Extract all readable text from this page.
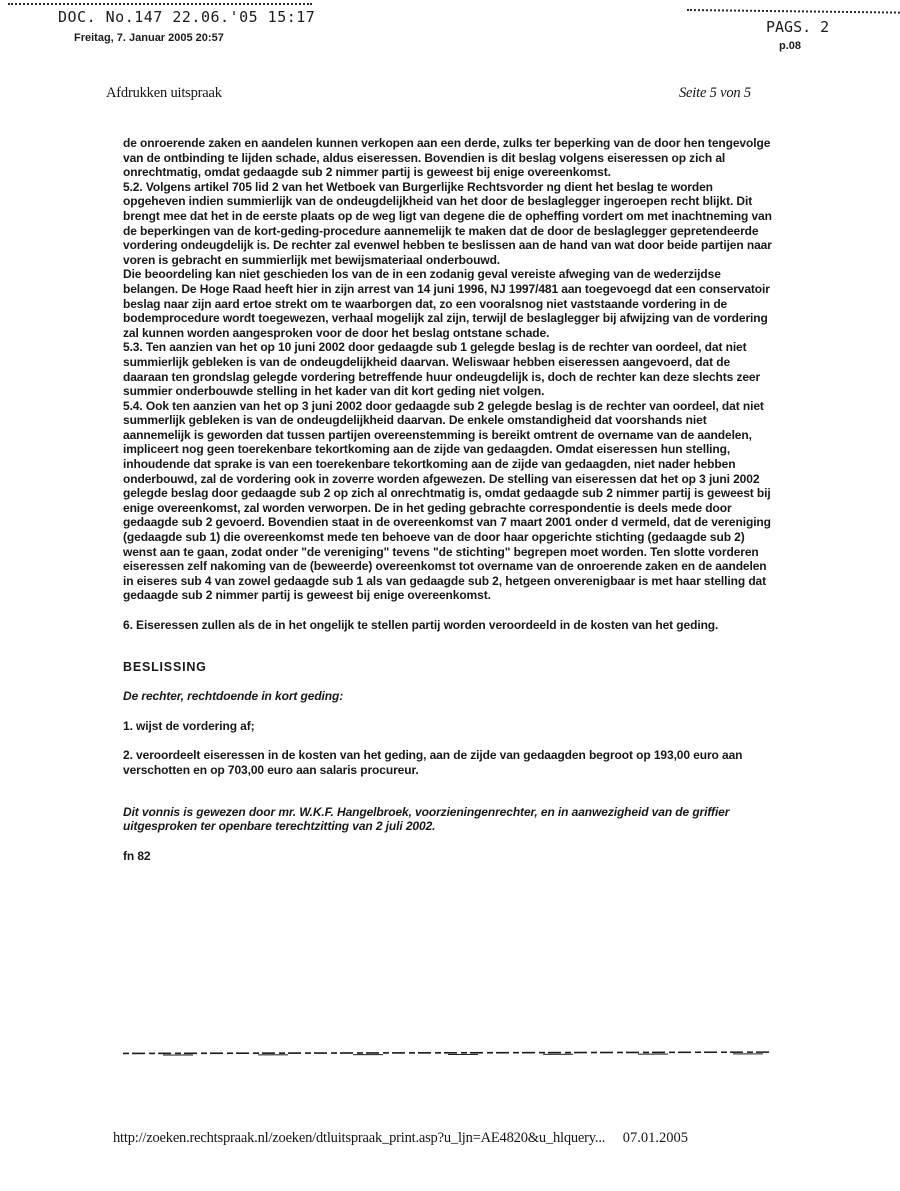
DOC. No.147 22.06.'05 15:17
PAGS. 2
Freitag, 7. Januar 2005 20:57
p.08
Afdrukken uitspraak	Seite 5 von 5

de onroerende zaken en aandelen kunnen verkopen aan een derde, zulks ter beperking van de door hen tengevolge van de ontbinding te lijden schade, aldus eiseressen. Bovendien is dit beslag volgens eiseressen op zich al onrechtmatig, omdat gedaagde sub 2 nimmer partij is geweest bij enige overeenkomst.

5.2. Volgens artikel 705 lid 2 van het Wetboek van Burgerlijke Rechtsvorder ng dient het beslag te worden opgeheven indien summierlijk van de ondeugdelijkheid van het door de beslaglegger ingeroepen recht blijkt. Dit brengt mee dat het in de eerste plaats op de weg ligt van degene die de opheffing vordert om met inachtneming van de beperkingen van de kort-geding-procedure aannemelijk te maken dat de door de beslaglegger gepretendeerde vordering ondeugdelijk is. De rechter zal evenwel hebben te beslissen aan de hand van wat door beide partijen naar voren is gebracht en summierlijk met bewijsmateriaal onderbouwd.

Die beoordeling kan niet geschieden los van de in een zodanig geval vereiste afweging van de wederzijdse belangen. De Hoge Raad heeft hier in zijn arrest van 14 juni 1996, NJ 1997/481 aan toegevoegd dat een conservatoir beslag naar zijn aard ertoe strekt om te waarborgen dat, zo een vooralsnog niet vaststaande vordering in de bodemprocedure wordt toegewezen, verhaal mogelijk zal zijn, terwijl de beslaglegger bij afwijzing van de vordering zal kunnen worden aangesproken voor de door het beslag ontstane schade.

5.3. Ten aanzien van het op 10 juni 2002 door gedaagde sub 1 gelegde beslag is de rechter van oordeel, dat niet summierlijk gebleken is van de ondeugdelijkheid daarvan. Weliswaar hebben eiseressen aangevoerd, dat de daaraan ten grondslag gelegde vordering betreffende huur ondeugdelijk is, doch de rechter kan deze slechts zeer summier onderbouwde stelling in het kader van dit kort geding niet volgen.

5.4. Ook ten aanzien van het op 3 juni 2002 door gedaagde sub 2 gelegde beslag is de rechter van oordeel, dat niet summerlijk gebleken is van de ondeugdelijkheid daarvan. De enkele omstandigheid dat voorshands niet aannemelijk is geworden dat tussen partijen overeenstemming is bereikt omtrent de overname van de aandelen, impliceert nog geen toerekenbare tekortkoming aan de zijde van gedaagden. Omdat eiseressen hun stelling, inhoudende dat sprake is van een toerekenbare tekortkoming aan de zijde van gedaagden, niet nader hebben onderbouwd, zal de vordering ook in zoverre worden afgewezen. De stelling van eiseressen dat het op 3 juni 2002 gelegde beslag door gedaagde sub 2 op zich al onrechtmatig is, omdat gedaagde sub 2 nimmer partij is geweest bij enige overeenkomst, zal worden verworpen. De in het geding gebrachte correspondentie is deels mede door gedaagde sub 2 gevoerd. Bovendien staat in de overeenkomst van 7 maart 2001 onder d vermeld, dat de vereniging (gedaagde sub 1) die overeenkomst mede ten behoeve van de door haar opgerichte stichting (gedaagde sub 2) wenst aan te gaan, zodat onder "de vereniging" tevens "de stichting" begrepen moet worden. Ten slotte vorderen eiseressen zelf nakoming van de (beweerde) overeenkomst tot overname van de onroerende zaken en de aandelen in eiseres sub 4 van zowel gedaagde sub 1 als van gedaagde sub 2, hetgeen onverenigbaar is met haar stelling dat gedaagde sub 2 nimmer partij is geweest bij enige overeenkomst.

6. Eiseressen zullen als de in het ongelijk te stellen partij worden veroordeeld in de kosten van het geding.

BESLISSING

De rechter, rechtdoende in kort geding:

1. wijst de vordering af;

2. veroordeelt eiseressen in de kosten van het geding, aan de zijde van gedaagden begroot op 193,00 euro aan verschotten en op 703,00 euro aan salaris procureur.

Dit vonnis is gewezen door mr. W.K.F. Hangelbroek, voorzieningenrechter, en in aanwezigheid van de griffier uitgesproken ter openbare terechtzitting van 2 juli 2002.

fn 82

http://zoeken.rechtspraak.nl/zoeken/dtluitspraak_print.asp?u_ljn=AE4820&u_hlquery... 07.01.2005
